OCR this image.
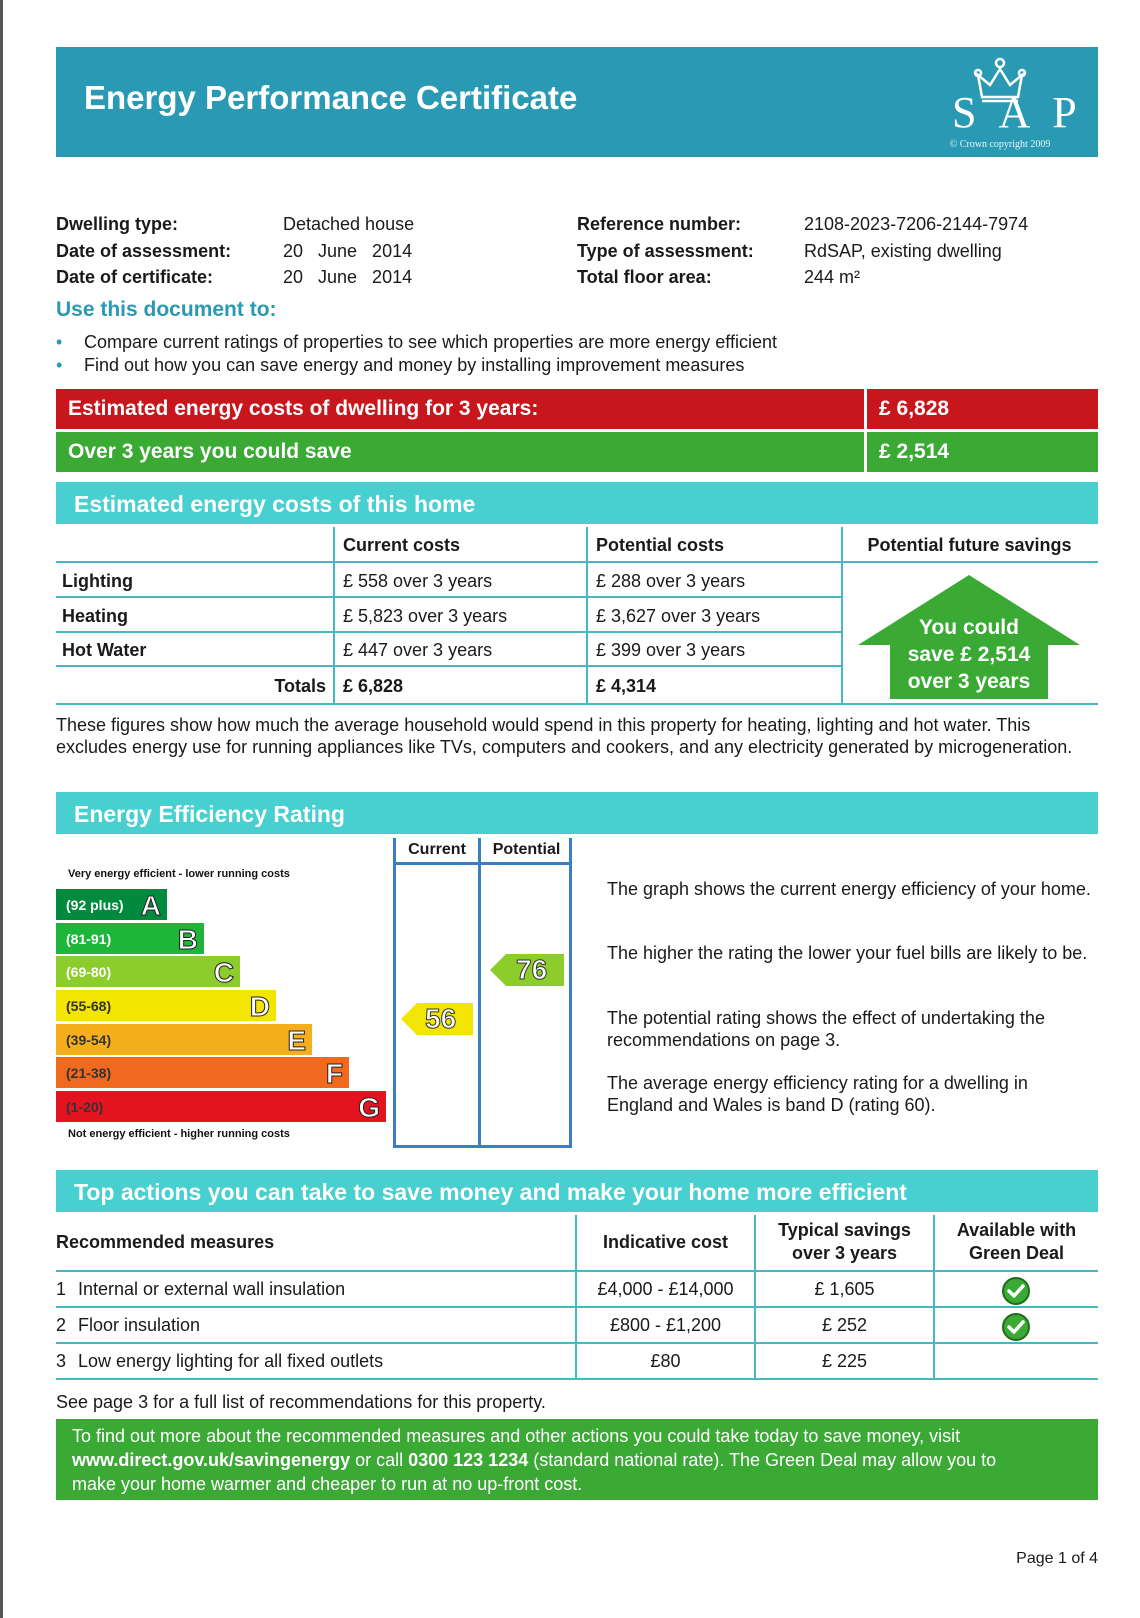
Energy Performance Certificate	SAP
© Crown copyright 2009
Dwelling type:	Detached house
Date of assessment:	20   June   2014
Date of certificate:	20   June   2014
Reference number:	2108-2023-7206-2144-7974
Type of assessment:	RdSAP, existing dwelling
Total floor area:	244 m²
Use this document to:
• Compare current ratings of properties to see which properties are more energy efficient
• Find out how you can save energy and money by installing improvement measures
Estimated energy costs of dwelling for 3 years:	£ 6,828
Over 3 years you could save	£ 2,514
Estimated energy costs of this home
Current costs	Potential costs	Potential future savings
Lighting	£ 558 over 3 years	£ 288 over 3 years
Heating	£ 5,823 over 3 years	£ 3,627 over 3 years
Hot Water	£ 447 over 3 years	£ 399 over 3 years
Totals £ 6,828	£ 4,314
You could
save £ 2,514
over 3 years
These figures show how much the average household would spend in this property for heating, lighting and hot water. This excludes energy use for running appliances like TVs, computers and cookers, and any electricity generated by microgeneration.
Energy Efficiency Rating
Very energy efficient - lower running costs
(92 plus) A
(81-91) B
(69-80)	C
(55-68)	D
(39-54)	E
(21-38)	F
(1-20)	G
Not energy efficient - higher running costs
Current	Potential
56
76
The graph shows the current energy efficiency of your home.
The higher the rating the lower your fuel bills are likely to be.
The potential rating shows the effect of undertaking the recommendations on page 3.
The average energy efficiency rating for a dwelling in England and Wales is band D (rating 60).
Top actions you can take to save money and make your home more efficient
Recommended measures	Indicative cost
Typical savings
over 3 years
Available with
Green Deal
1 Internal or external wall insulation	£4,000 - £14,000	£ 1,605
2 Floor insulation	£800 - £1,200	£ 252
3 Low energy lighting for all fixed outlets	£80	£ 225
See page 3 for a full list of recommendations for this property.
To find out more about the recommended measures and other actions you could take today to save money, visit
www.direct.gov.uk/savingenergy or call 0300 123 1234 (standard national rate). The Green Deal may allow you to
make your home warmer and cheaper to run at no up-front cost.
Page 1 of 4
